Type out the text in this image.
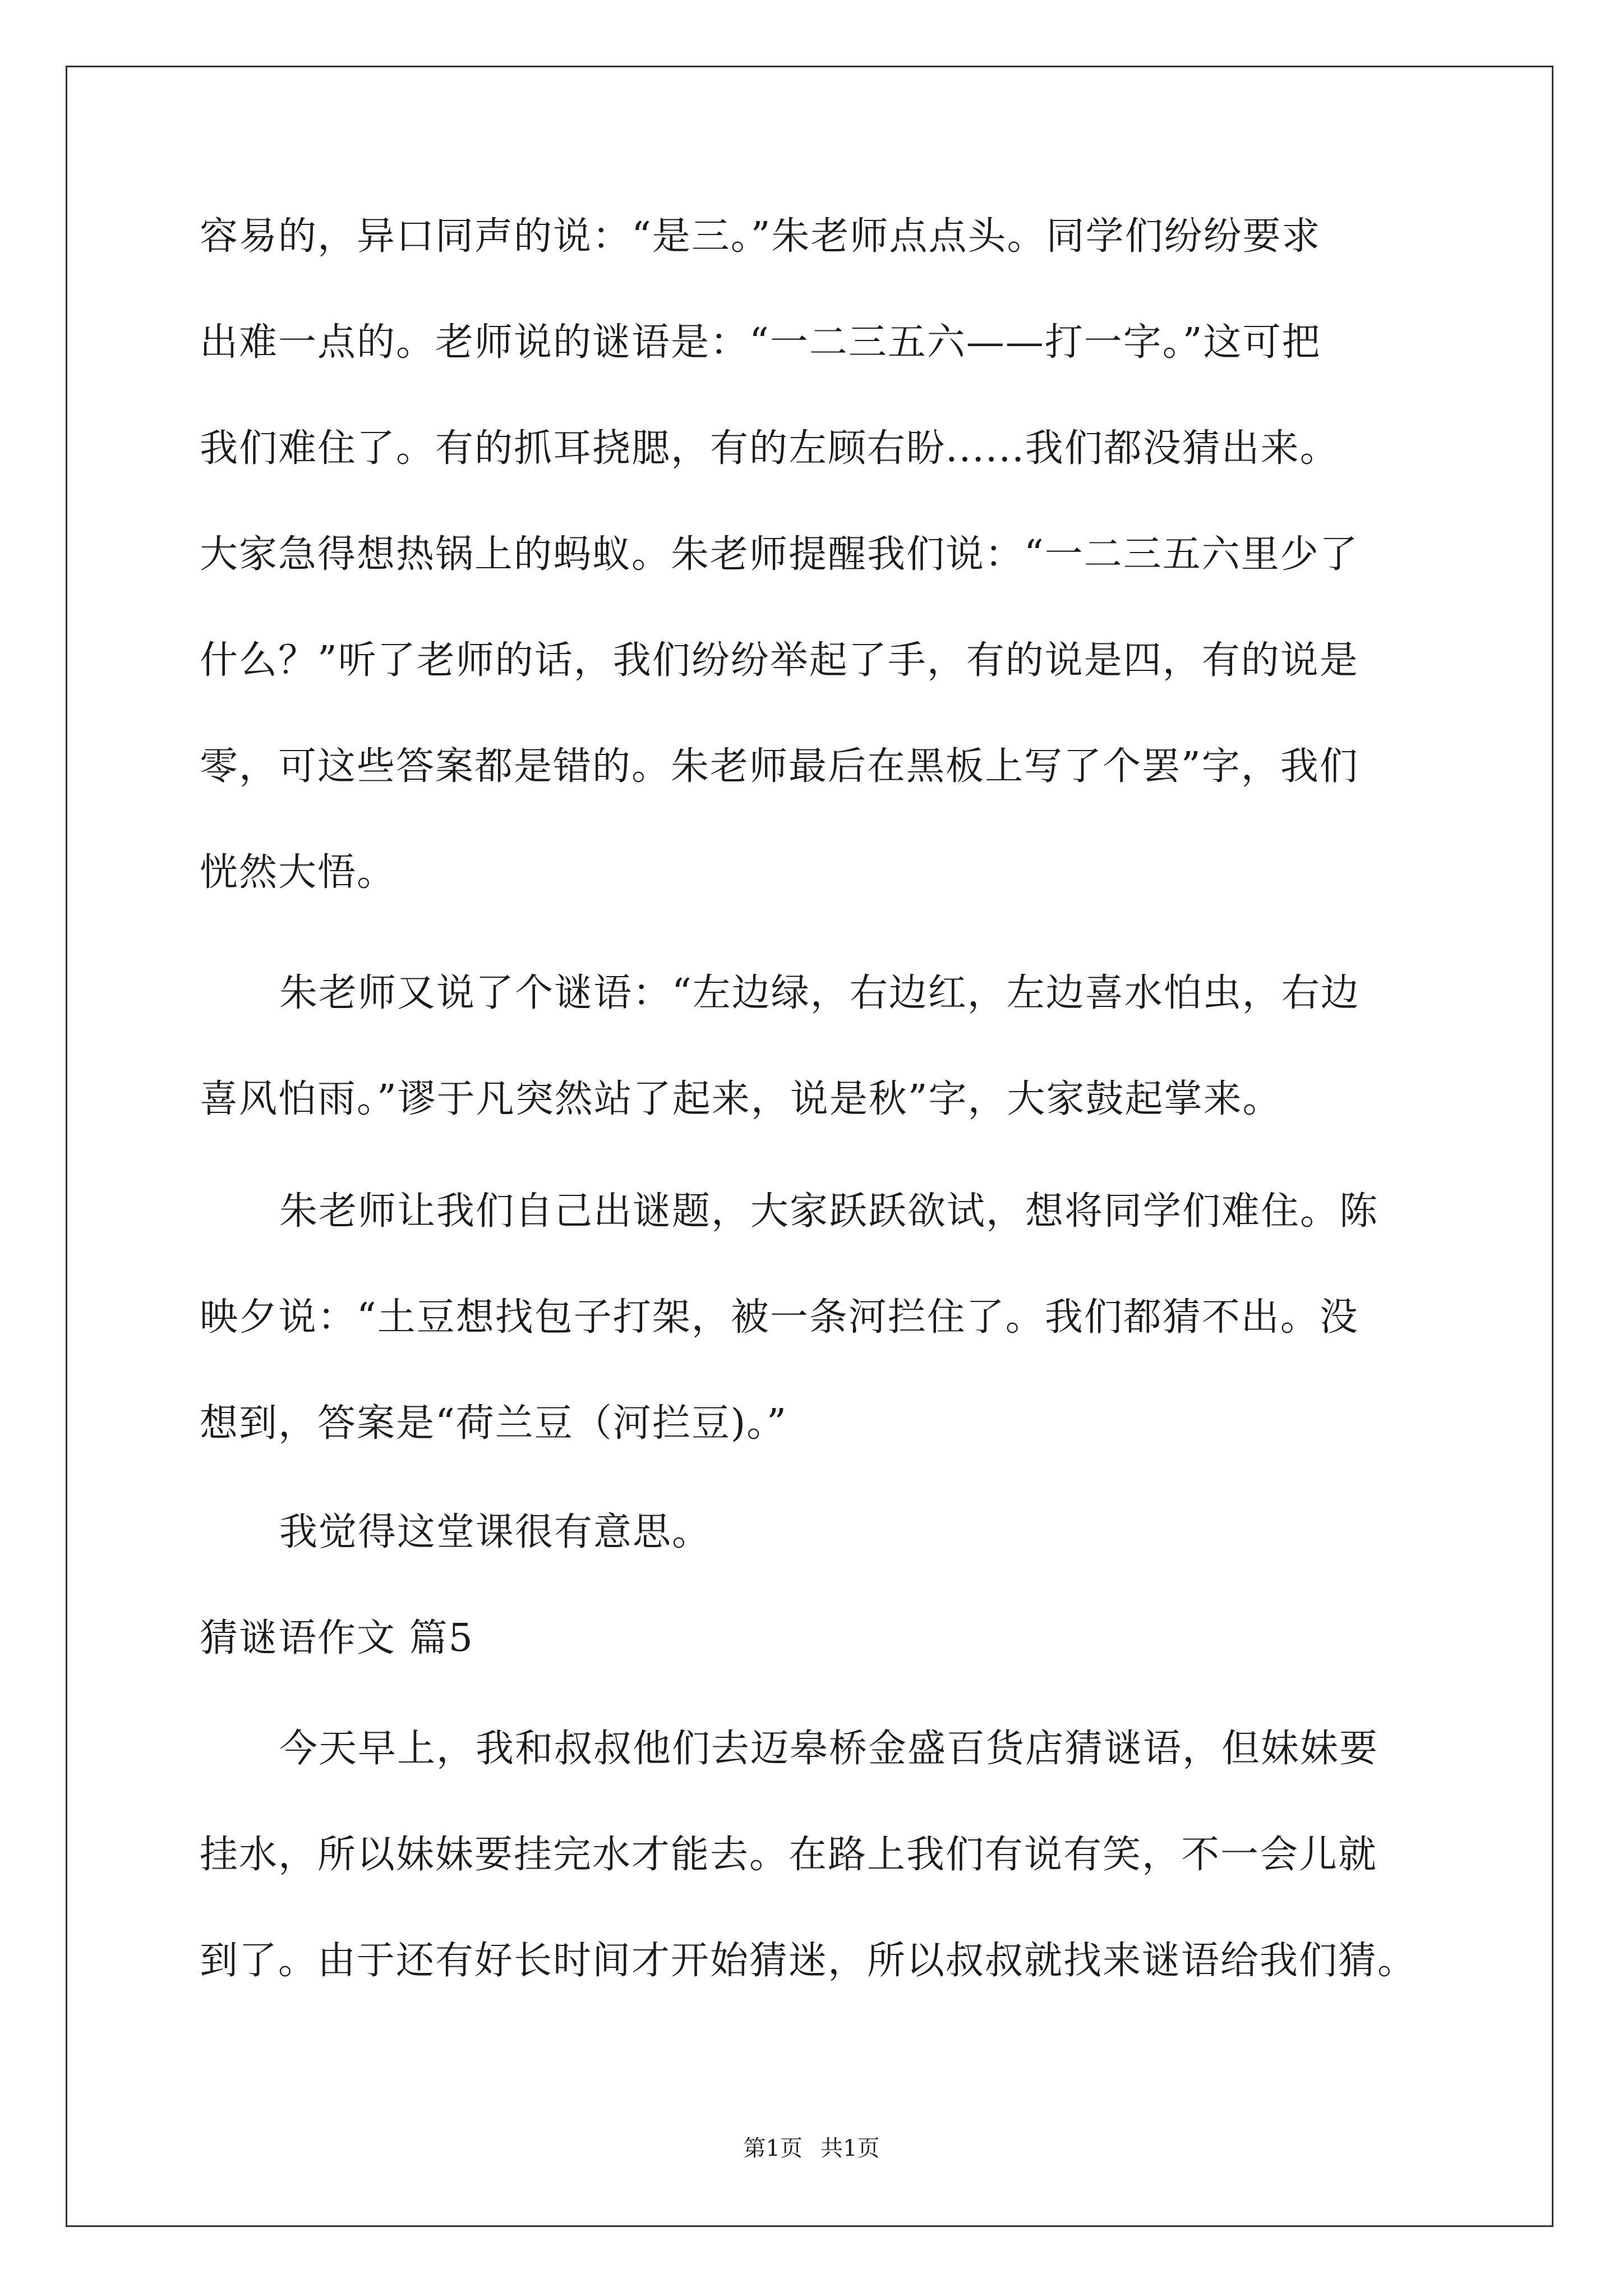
容易的，异口同声的说：“是三。”朱老师点点头。同学们纷纷要求
出难一点的。老师说的谜语是：“一二三五六——打一字。”这可把
我们难住了。有的抓耳挠腮，有的左顾右盼......我们都没猜出来。
大家急得想热锅上的蚂蚁。朱老师提醒我们说：“一二三五六里少了
什么？”听了老师的话，我们纷纷举起了手，有的说是四，有的说是
零，可这些答案都是错的。朱老师最后在黑板上写了个罢”字，我们
恍然大悟。
朱老师又说了个谜语：“左边绿，右边红，左边喜水怕虫，右边
喜风怕雨。”谬于凡突然站了起来，说是秋”字，大家鼓起掌来。
朱老师让我们自己出谜题，大家跃跃欲试，想将同学们难住。陈
映夕说：“土豆想找包子打架，被一条河拦住了。我们都猜不出。没
想到，答案是“荷兰豆（河拦豆)。”
我觉得这堂课很有意思。
猜谜语作文 篇5
今天早上，我和叔叔他们去迈皋桥金盛百货店猜谜语，但妹妹要
挂水，所以妹妹要挂完水才能去。在路上我们有说有笑，不一会儿就
到了。由于还有好长时间才开始猜迷，所以叔叔就找来谜语给我们猜。
第1页 共1页
